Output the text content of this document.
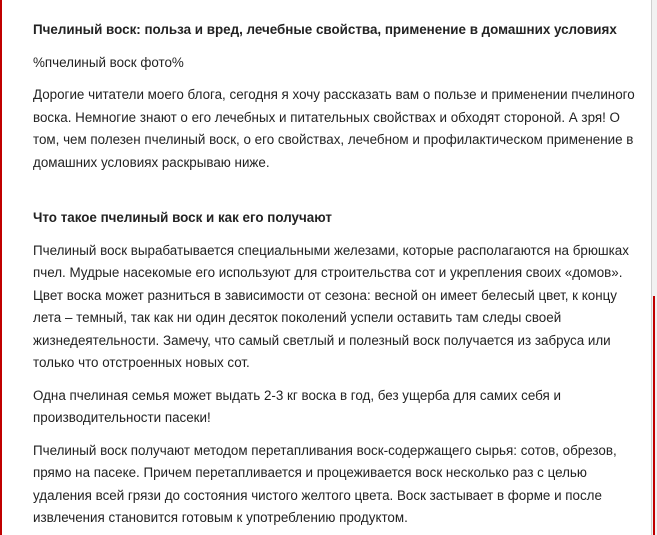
Пчелиный воск: польза и вред, лечебные свойства, применение в домашних условиях

%пчелиный воск фото%

Дорогие читатели моего блога, сегодня я хочу рассказать вам о пользе и применении пчелиного воска. Немногие знают о его лечебных и питательных свойствах и обходят стороной. А зря! О том, чем полезен пчелиный воск, о его свойствах, лечебном и профилактическом применение в домашних условиях раскрываю ниже.

Что такое пчелиный воск и как его получают

Пчелиный воск вырабатывается специальными железами, которые располагаются на брюшках пчел. Мудрые насекомые его используют для строительства сот и укрепления своих «домов». Цвет воска может разниться в зависимости от сезона: весной он имеет белесый цвет, к концу лета – темный, так как ни один десяток поколений успели оставить там следы своей жизнедеятельности. Замечу, что самый светлый и полезный воск получается из забруса или только что отстроенных новых сот.

Одна пчелиная семья может выдать 2-3 кг воска в год, без ущерба для самих себя и производительности пасеки!

Пчелиный воск получают методом перетапливания воск-содержащего сырья: сотов, обрезов, прямо на пасеке. Причем перетапливается и процеживается воск несколько раз с целью удаления всей грязи до состояния чистого желтого цвета. Воск застывает в форме и после извлечения становится готовым к употреблению продуктом.
